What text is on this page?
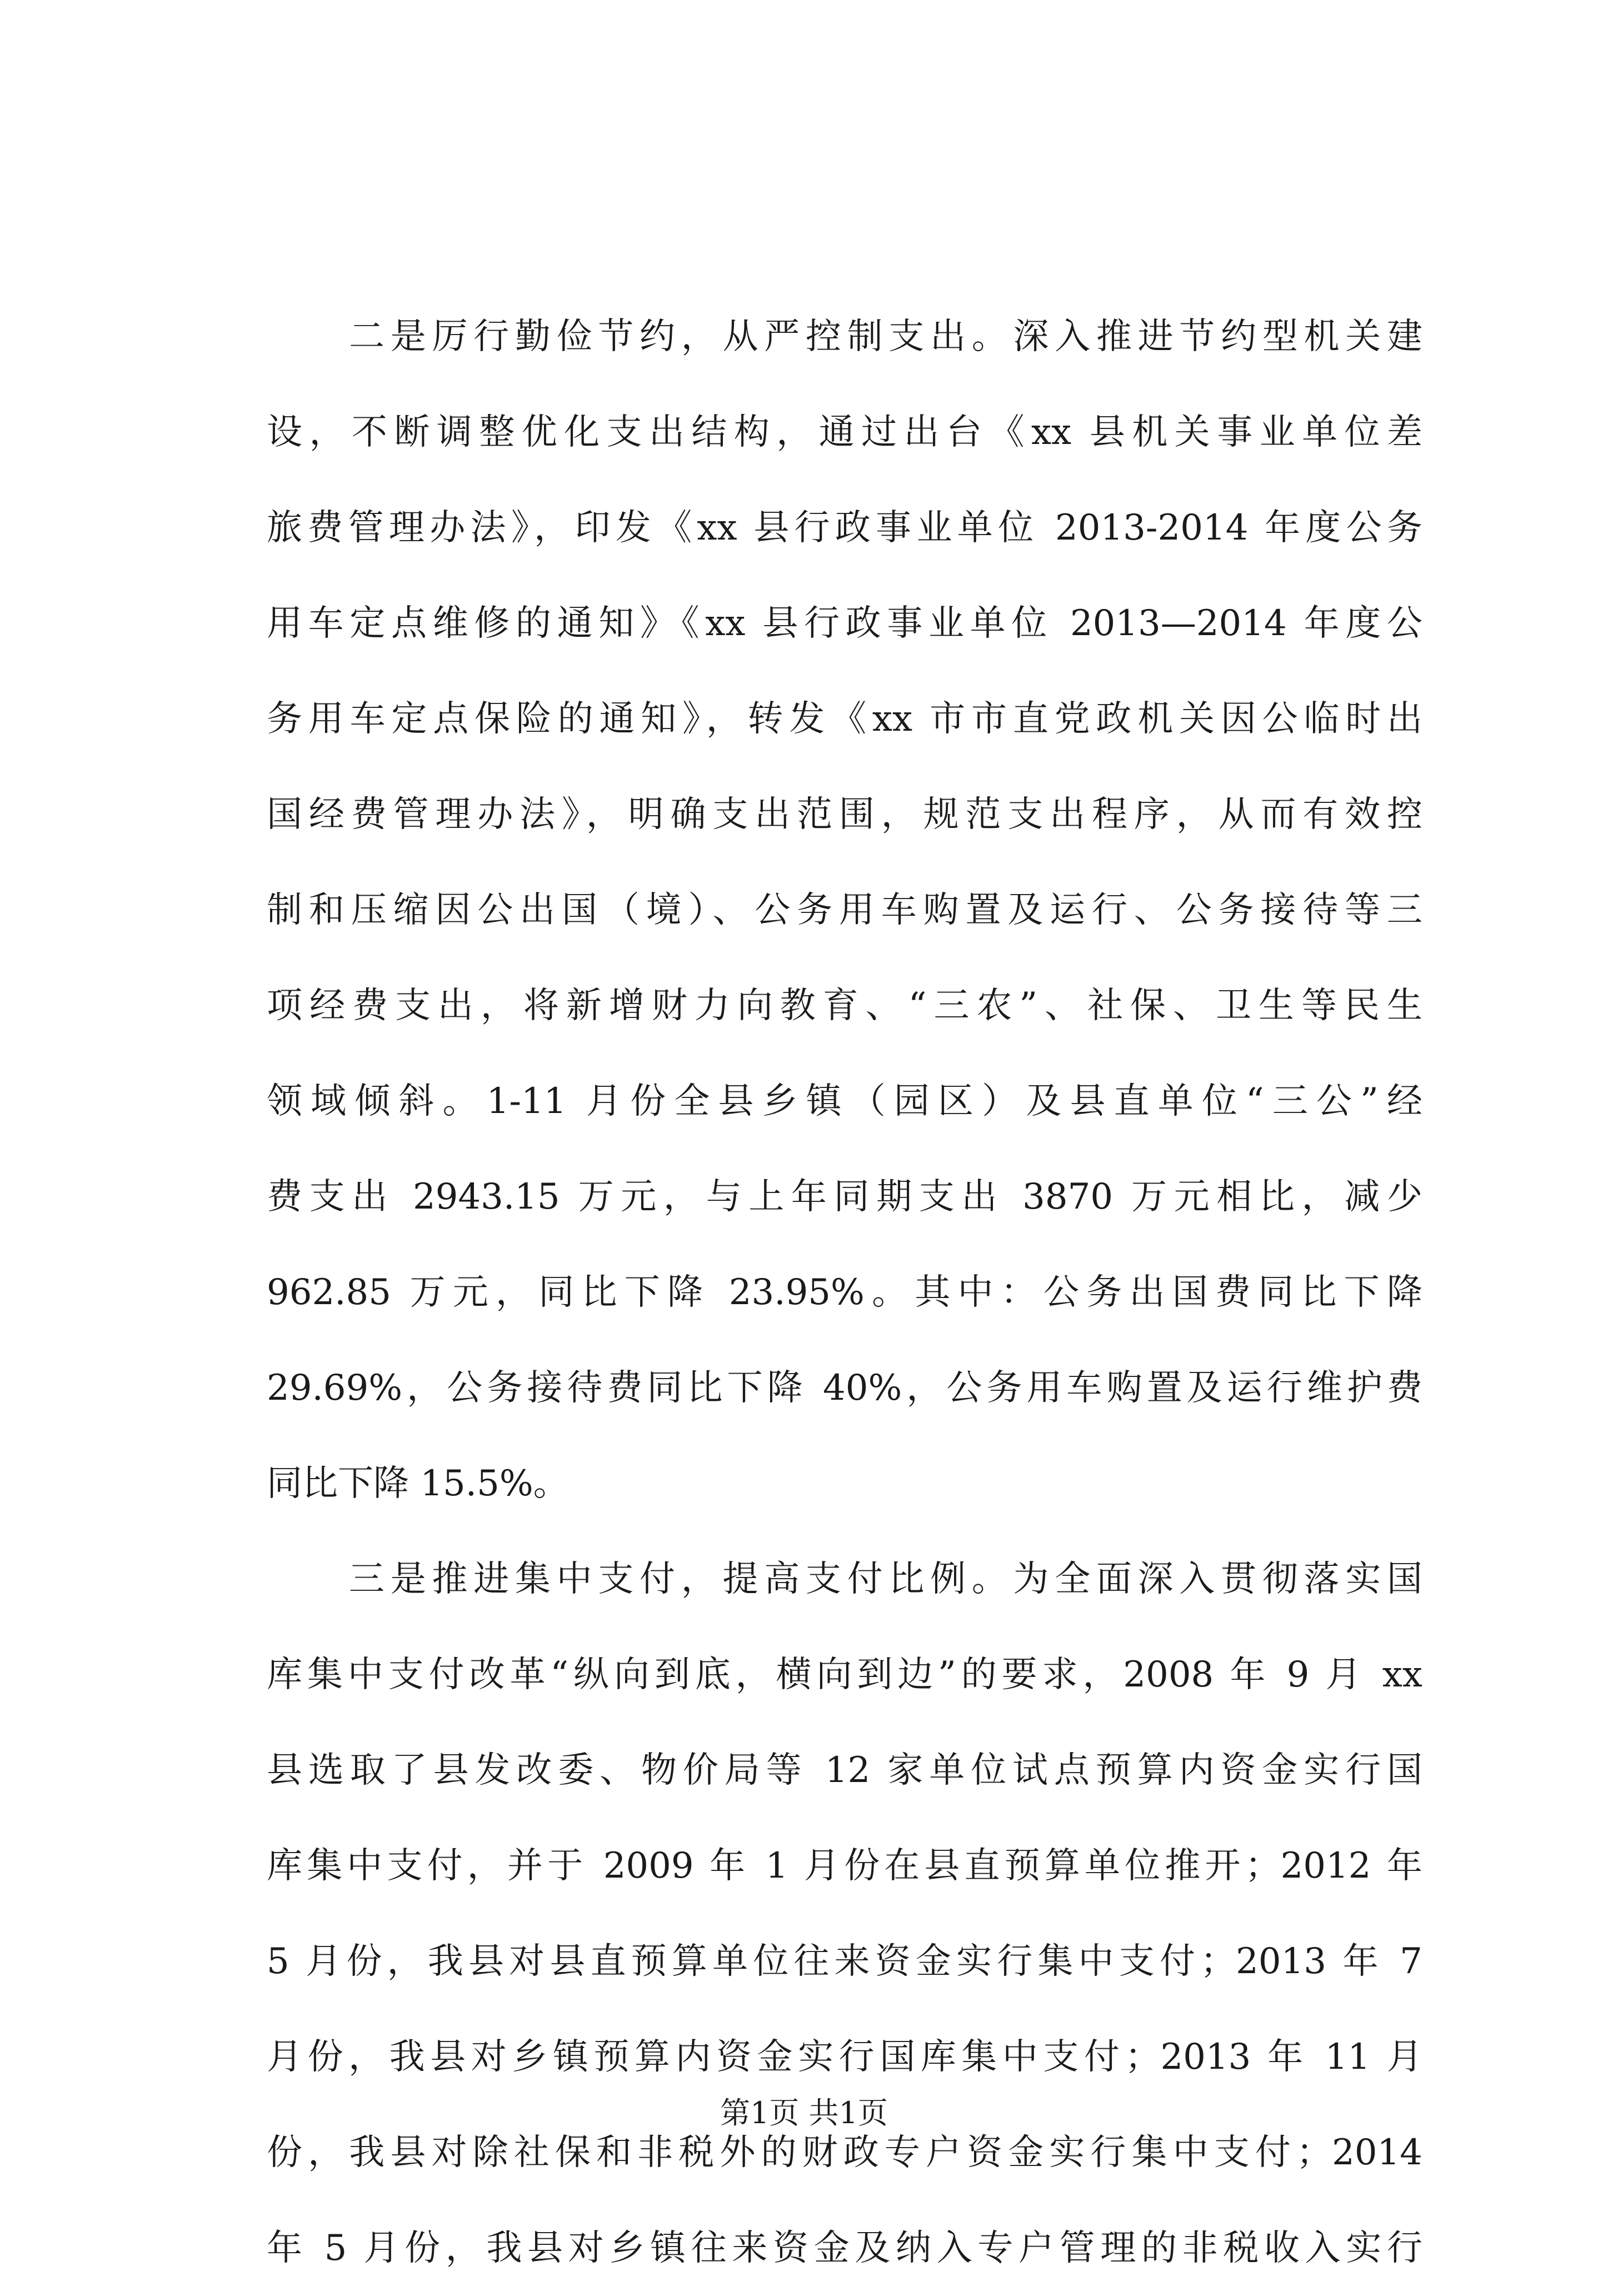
二是厉行勤俭节约，从严控制支出。深入推进节约型机关建
设，不断调整优化支出结构，通过出台《xx 县机关事业单位差
旅费管理办法》，印发《xx 县行政事业单位 2013-2014 年度公务
用车定点维修的通知》《xx 县行政事业单位 2013—2014 年度公
务用车定点保险的通知》，转发《xx 市市直党政机关因公临时出
国经费管理办法》，明确支出范围，规范支出程序，从而有效控
制和压缩因公出国（境）、公务用车购置及运行、公务接待等三
项经费支出，将新增财力向教育、“三农”、社保、卫生等民生
领域倾斜。1-11 月份全县乡镇（园区）及县直单位“三公”经
费支出 2943.15 万元，与上年同期支出 3870 万元相比，减少
962.85 万元，同比下降 23.95%。其中：公务出国费同比下降
29.69%，公务接待费同比下降 40%，公务用车购置及运行维护费
同比下降 15.5%。

三是推进集中支付，提高支付比例。为全面深入贯彻落实国
库集中支付改革“纵向到底，横向到边”的要求，2008 年 9 月 xx
县选取了县发改委、物价局等 12 家单位试点预算内资金实行国
库集中支付，并于 2009 年 1 月份在县直预算单位推开；2012 年
5 月份，我县对县直预算单位往来资金实行集中支付；2013 年 7
月份，我县对乡镇预算内资金实行国库集中支付；2013 年 11 月
份，我县对除社保和非税外的财政专户资金实行集中支付；2014
年 5 月份，我县对乡镇往来资金及纳入专户管理的非税收入实行

第1页 共1页
